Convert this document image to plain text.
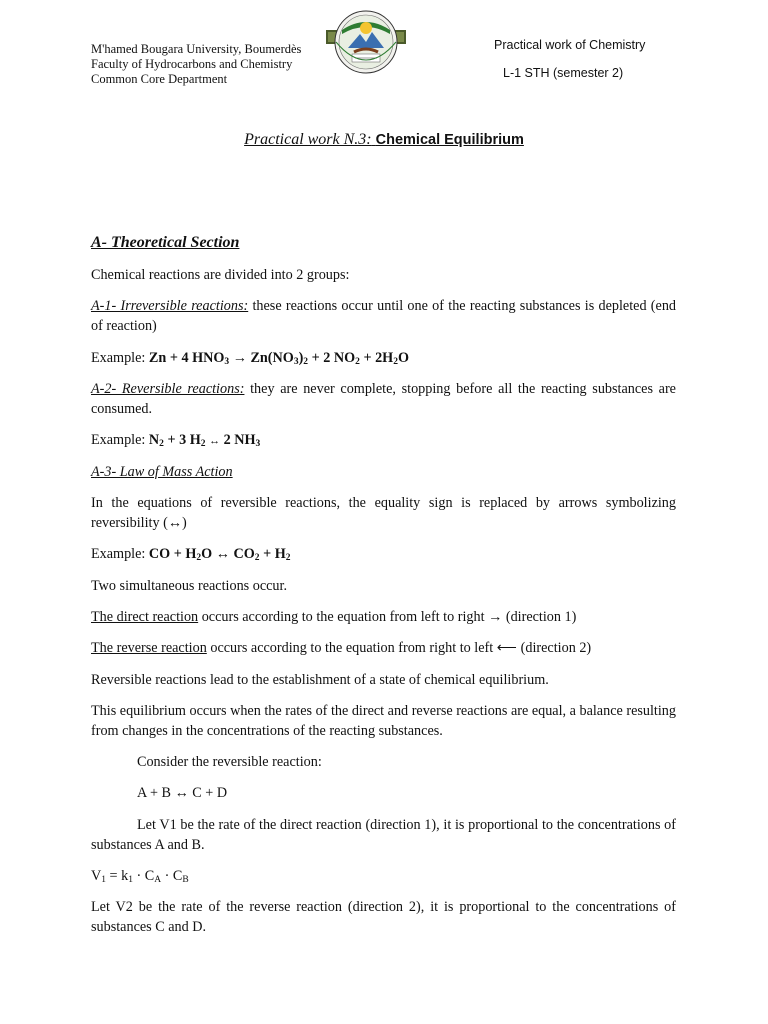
M'hamed Bougara University, Boumerdès
Faculty of Hydrocarbons and Chemistry
Common Core Department
Practical work of Chemistry
L-1 STH (semester 2)
Practical work N.3: Chemical Equilibrium
A- Theoretical Section
Chemical reactions are divided into 2 groups:
A-1- Irreversible reactions: these reactions occur until one of the reacting substances is depleted (end of reaction)
Example: Zn + 4 $HNO_3 \to Zn(NO_3)_2 + 2$ $NO_2 + 2H_2O$
A-2- Reversible reactions: they are never complete, stopping before all the reacting substances are consumed.
Example: $N_2 + 3$ $H_2$ ↔ 2 $NH_3$
A-3- Law of Mass Action
In the equations of reversible reactions, the equality sign is replaced by arrows symbolizing reversibility (↔)
Example: CO + $H_2O$ ↔ $CO_2 + H_2$
Two simultaneous reactions occur.
The direct reaction occurs according to the equation from left to right → (direction 1)
The reverse reaction occurs according to the equation from right to left ⟵ (direction 2)
Reversible reactions lead to the establishment of a state of chemical equilibrium.
This equilibrium occurs when the rates of the direct and reverse reactions are equal, a balance resulting from changes in the concentrations of the reacting substances.
Consider the reversible reaction:
A + B ↔ C + D
Let V1 be the rate of the direct reaction (direction 1), it is proportional to the concentrations of substances A and B.
$V_1 = k_1 \cdot C_A \cdot C_B$
Let V2 be the rate of the reverse reaction (direction 2), it is proportional to the concentrations of substances C and D.
